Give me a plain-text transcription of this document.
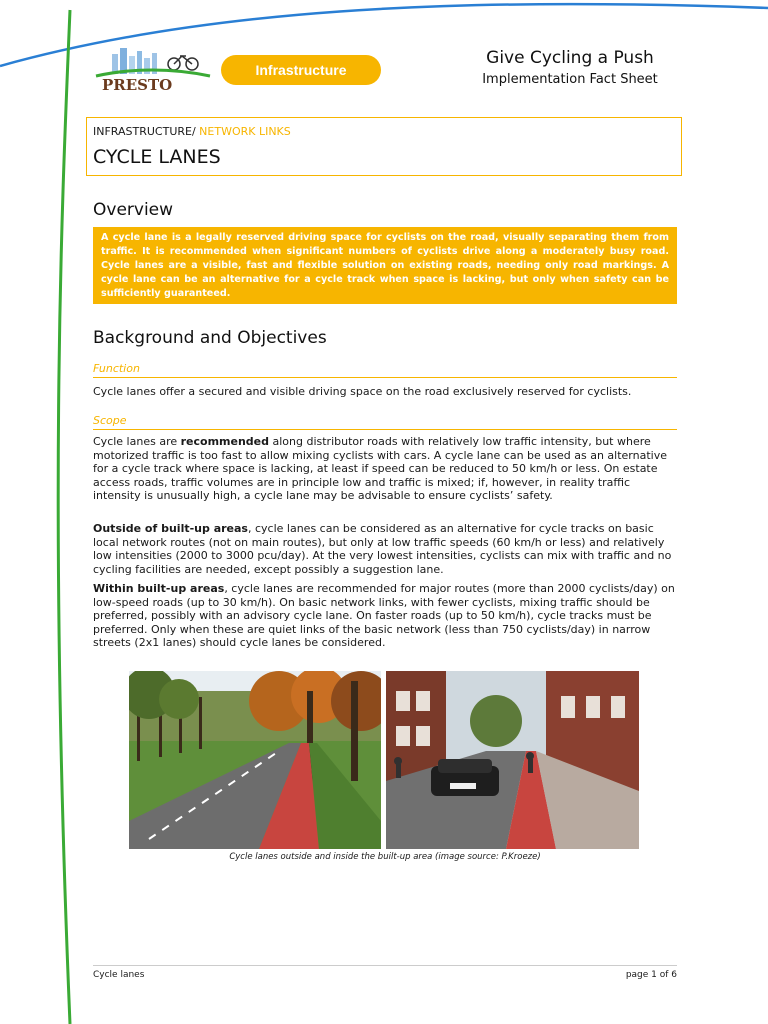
PRESTO
Infrastructure
Give Cycling a Push
Implementation Fact Sheet
INFRASTRUCTURE/ NETWORK LINKS
CYCLE LANES
Overview
A cycle lane is a legally reserved driving space for cyclists on the road, visually separating them from traffic. It is recommended when significant numbers of cyclists drive along a moderately busy road. Cycle lanes are a visible, fast and flexible solution on existing roads, needing only road markings. A cycle lane can be an alternative for a cycle track when space is lacking, but only when safety can be sufficiently guaranteed.
Background and Objectives
Function
Cycle lanes offer a secured and visible driving space on the road exclusively reserved for cyclists.
Scope
Cycle lanes are recommended along distributor roads with relatively low traffic intensity, but where motorized traffic is too fast to allow mixing cyclists with cars. A cycle lane can be used as an alternative for a cycle track where space is lacking, at least if speed can be reduced to 50 km/h or less. On estate access roads, traffic volumes are in principle low and traffic is mixed; if, however, in reality traffic intensity is unusually high, a cycle lane may be advisable to ensure cyclists’ safety.
Outside of built-up areas, cycle lanes can be considered as an alternative for cycle tracks on basic local network routes (not on main routes), but only at low traffic speeds (60 km/h or less) and relatively low intensities (2000 to 3000 pcu/day). At the very lowest intensities, cyclists can mix with traffic and no cycling facilities are needed, except possibly a suggestion lane.
Within built-up areas, cycle lanes are recommended for major routes (more than 2000 cyclists/day) on low-speed roads (up to 30 km/h). On basic network links, with fewer cyclists, mixing traffic should be preferred, possibly with an advisory cycle lane. On faster roads (up to 50 km/h), cycle tracks must be preferred. Only when these are quiet links of the basic network (less than 750 cyclists/day) in narrow streets (2x1 lanes) should cycle lanes be considered.
Cycle lanes outside and inside the built-up area (image source: P.Kroeze)
Cycle lanes	page 1 of 6
